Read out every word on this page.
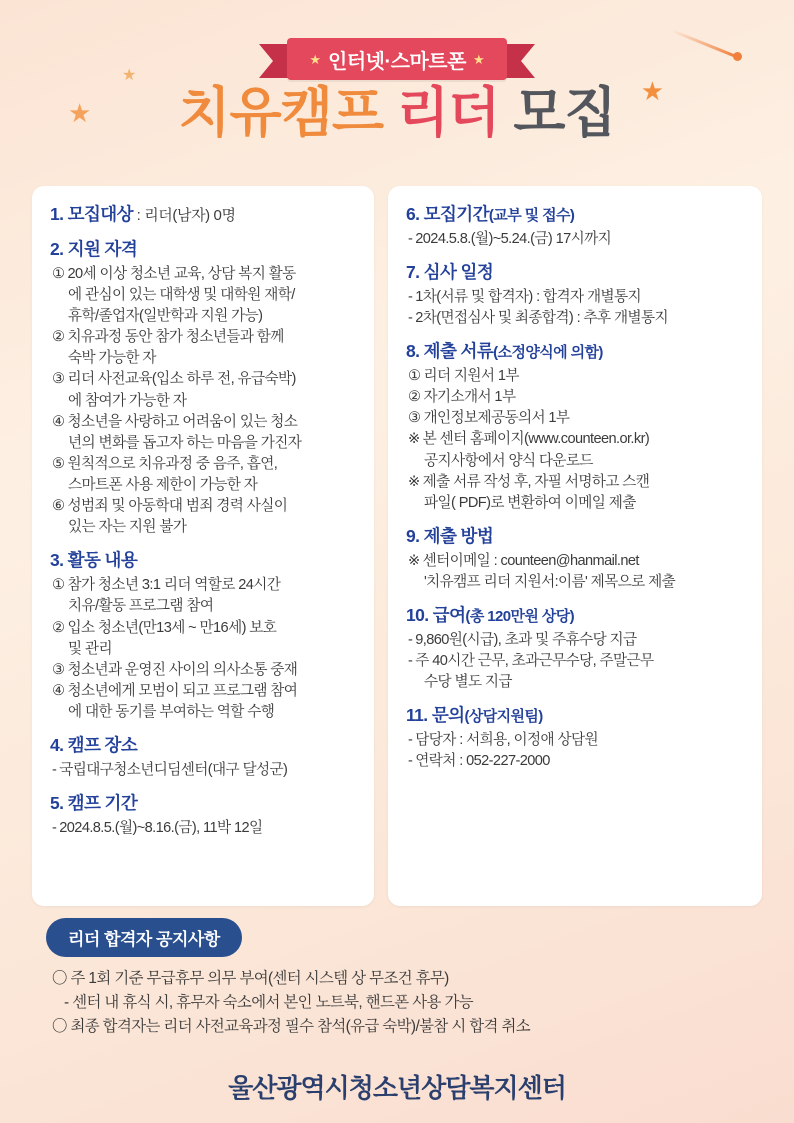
★
★
★
★ 인터넷·스마트폰 ★
치유캠프 리더 모집
1. 모집대상 : 리더(남자) 0명
2. 지원 자격
① 20세 이상 청소년 교육, 상담 복지 활동
에 관심이 있는 대학생 및 대학원 재학/
휴학/졸업자(일반학과 지원 가능)
② 치유과정 동안 참가 청소년들과 함께
숙박 가능한 자
③ 리더 사전교육(입소 하루 전, 유급숙박)
에 참여가 가능한 자
④ 청소년을 사랑하고 어려움이 있는 청소
년의 변화를 돕고자 하는 마음을 가진자
⑤ 원칙적으로 치유과정 중 음주, 흡연,
스마트폰 사용 제한이 가능한 자
⑥ 성범죄 및 아동학대 범죄 경력 사실이
있는 자는 지원 불가
3. 활동 내용
① 참가 청소년 3:1 리더 역할로 24시간
치유/활동 프로그램 참여
② 입소 청소년(만13세 ~ 만16세) 보호
및 관리
③ 청소년과 운영진 사이의 의사소통 중재
④ 청소년에게 모범이 되고 프로그램 참여
에 대한 동기를 부여하는 역할 수행
4. 캠프 장소
- 국립대구청소년디딤센터(대구 달성군)
5. 캠프 기간
- 2024.8.5.(월)~8.16.(금), 11박 12일
6. 모집기간(교부 및 접수)
- 2024.5.8.(월)~5.24.(금) 17시까지
7. 심사 일정
- 1차(서류 및 합격자) : 합격자 개별통지
- 2차(면접심사 및 최종합격) : 추후 개별통지
8. 제출 서류(소정양식에 의함)
① 리더 지원서 1부
② 자기소개서 1부
③ 개인정보제공동의서 1부
※ 본 센터 홈페이지(www.counteen.or.kr)
공지사항에서 양식 다운로드
※ 제출 서류 작성 후, 자필 서명하고 스캔
파일( PDF)로 변환하여 이메일 제출
9. 제출 방법
※ 센터이메일 : counteen@hanmail.net
'치유캠프 리더 지원서:이름' 제목으로 제출
10. 급여(총 120만원 상당)
- 9,860원(시급), 초과 및 주휴수당 지급
- 주 40시간 근무, 초과근무수당, 주말근무
수당 별도 지급
11. 문의(상담지원팀)
- 담당자 : 서희용, 이정애 상담원
- 연락처 : 052-227-2000
리더 합격자 공지사항
〇 주 1회 기준 무급휴무 의무 부여(센터 시스템 상 무조건 휴무)
- 센터 내 휴식 시, 휴무자 숙소에서 본인 노트북, 핸드폰 사용 가능
〇 최종 합격자는 리더 사전교육과정 필수 참석(유급 숙박)/불참 시 합격 취소
울산광역시청소년상담복지센터
